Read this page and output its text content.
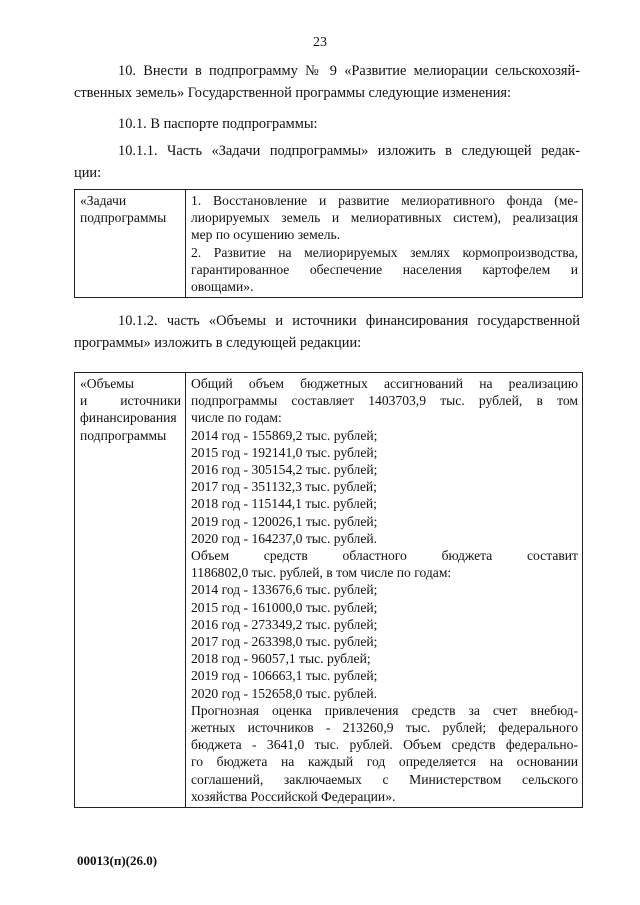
23

10. Внести в подпрограмму № 9 «Развитие мелиорации сельскохозяй-
ственных земель» Государственной программы следующие изменения:

10.1. В паспорте подпрограммы:

10.1.1. Часть «Задачи подпрограммы» изложить в следующей редак-
ции:

«Задачи
подпрограммы

1. Восстановление и развитие мелиоративного фонда (ме-
лиорируемых земель и мелиоративных систем), реализация
мер по осушению земель.
2. Развитие на мелиорируемых землях кормопроизводства,
гарантированное обеспечение населения картофелем и
овощами».

10.1.2. часть «Объемы и источники финансирования государственной
программы» изложить в следующей редакции:

«Объемы
и источники
финансирования
подпрограммы

Общий объем бюджетных ассигнований на реализацию
подпрограммы составляет 1403703,9 тыс. рублей, в том
числе по годам:
2014 год - 155869,2 тыс. рублей;
2015 год - 192141,0 тыс. рублей;
2016 год - 305154,2 тыс. рублей;
2017 год - 351132,3 тыс. рублей;
2018 год - 115144,1 тыс. рублей;
2019 год - 120026,1 тыс. рублей;
2020 год - 164237,0 тыс. рублей.
Объем средств областного бюджета составит
1186802,0 тыс. рублей, в том числе по годам:
2014 год - 133676,6 тыс. рублей;
2015 год - 161000,0 тыс. рублей;
2016 год - 273349,2 тыс. рублей;
2017 год - 263398,0 тыс. рублей;
2018 год - 96057,1 тыс. рублей;
2019 год - 106663,1 тыс. рублей;
2020 год - 152658,0 тыс. рублей.
Прогнозная оценка привлечения средств за счет внебюд-
жетных источников - 213260,9 тыс. рублей; федерального
бюджета - 3641,0 тыс. рублей. Объем средств федерально-
го бюджета на каждый год определяется на основании
соглашений, заключаемых с Министерством сельского
хозяйства Российской Федерации».
00013(п)(26.0)
